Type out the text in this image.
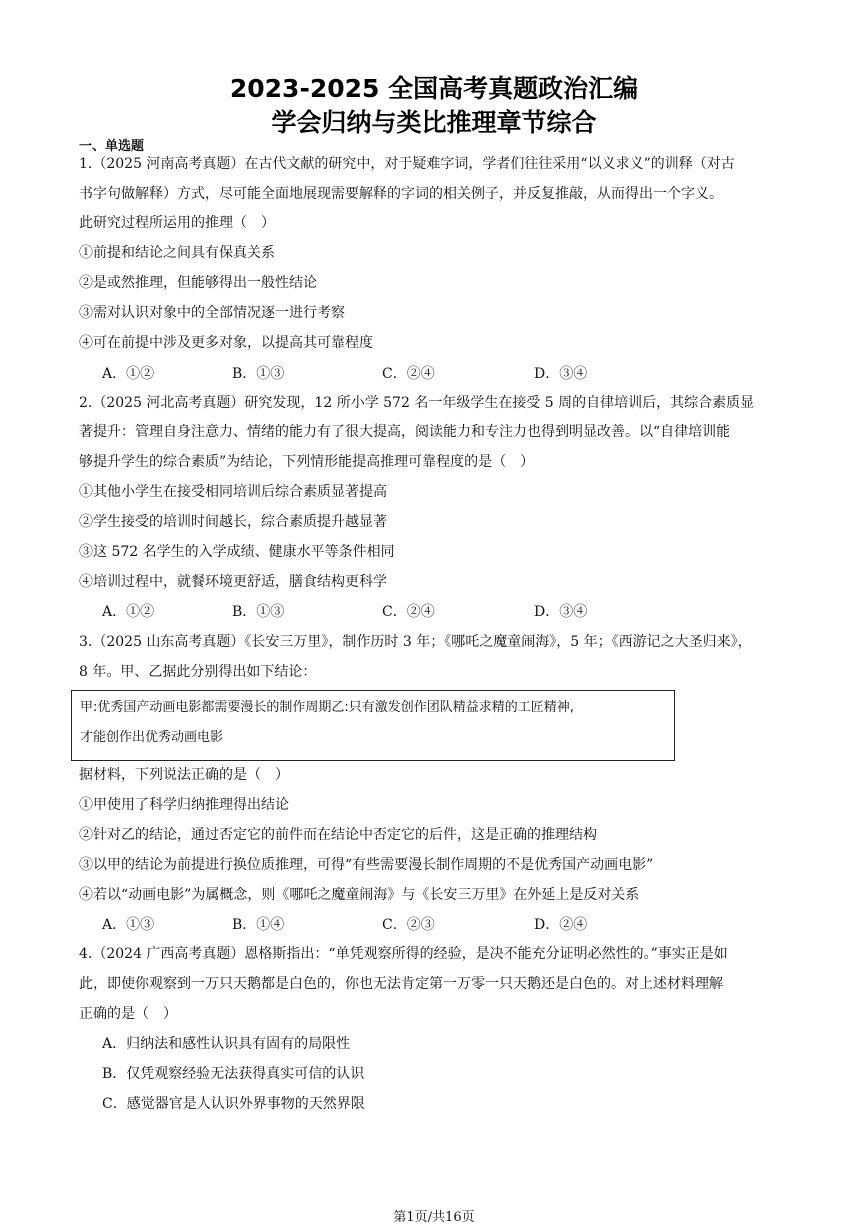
2023-2025 全国高考真题政治汇编
学会归纳与类比推理章节综合
一、单选题
1.（2025 河南高考真题）在古代文献的研究中，对于疑难字词，学者们往往采用“以义求义”的训释（对古
书字句做解释）方式，尽可能全面地展现需要解释的字词的相关例子，并反复推敲，从而得出一个字义。
此研究过程所运用的推理（　）
①前提和结论之间具有保真关系
②是或然推理，但能够得出一般性结论
③需对认识对象中的全部情况逐一进行考察
④可在前提中涉及更多对象，以提高其可靠程度
A．①②	B．①③	C．②④	D．③④
2.（2025 河北高考真题）研究发现，12 所小学 572 名一年级学生在接受 5 周的自律培训后，其综合素质显
著提升：管理自身注意力、情绪的能力有了很大提高，阅读能力和专注力也得到明显改善。以“自律培训能
够提升学生的综合素质”为结论，下列情形能提高推理可靠程度的是（　）
①其他小学生在接受相同培训后综合素质显著提高
②学生接受的培训时间越长，综合素质提升越显著
③这 572 名学生的入学成绩、健康水平等条件相同
④培训过程中，就餐环境更舒适，膳食结构更科学
A．①②	B．①③	C．②④	D．③④
3.（2025 山东高考真题）《长安三万里》，制作历时 3 年；《哪吒之魔童闹海》，5 年；《西游记之大圣归来》，
8 年。甲、乙据此分别得出如下结论：
甲:优秀国产动画电影都需要漫长的制作周期乙:只有激发创作团队精益求精的工匠精神,
才能创作出优秀动画电影
据材料，下列说法正确的是（　）
①甲使用了科学归纳推理得出结论
②针对乙的结论，通过否定它的前件而在结论中否定它的后件，这是正确的推理结构
③以甲的结论为前提进行换位质推理，可得“有些需要漫长制作周期的不是优秀国产动画电影”
④若以“动画电影”为属概念，则《哪吒之魔童闹海》与《长安三万里》在外延上是反对关系
A．①③	B．①④	C．②③	D．②④
4.（2024 广西高考真题）恩格斯指出：“单凭观察所得的经验，是决不能充分证明必然性的。”事实正是如
此，即使你观察到一万只天鹅都是白色的，你也无法肯定第一万零一只天鹅还是白色的。对上述材料理解
正确的是（　）
A．归纳法和感性认识具有固有的局限性
B．仅凭观察经验无法获得真实可信的认识
C．感觉器官是人认识外界事物的天然界限
第1页/共16页
